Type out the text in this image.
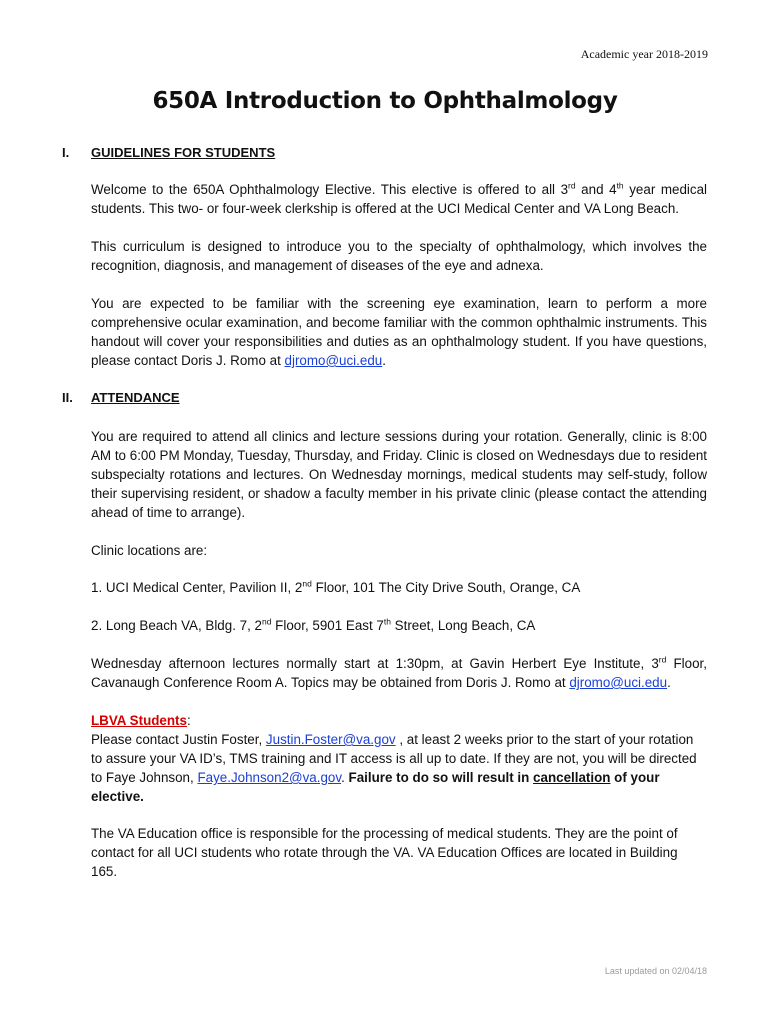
Academic year 2018-2019
650A Introduction to Ophthalmology
I. GUIDELINES FOR STUDENTS

Welcome to the 650A Ophthalmology Elective. This elective is offered to all 3rd and 4th year medical students. This two- or four-week clerkship is offered at the UCI Medical Center and VA Long Beach.

This curriculum is designed to introduce you to the specialty of ophthalmology, which involves the recognition, diagnosis, and management of diseases of the eye and adnexa.

You are expected to be familiar with the screening eye examination, learn to perform a more comprehensive ocular examination, and become familiar with the common ophthalmic instruments. This handout will cover your responsibilities and duties as an ophthalmology student. If you have questions, please contact Doris J. Romo at djromo@uci.edu.

II. ATTENDANCE

You are required to attend all clinics and lecture sessions during your rotation. Generally, clinic is 8:00 AM to 6:00 PM Monday, Tuesday, Thursday, and Friday. Clinic is closed on Wednesdays due to resident subspecialty rotations and lectures. On Wednesday mornings, medical students may self-study, follow their supervising resident, or shadow a faculty member in his private clinic (please contact the attending ahead of time to arrange).

Clinic locations are:

1. UCI Medical Center, Pavilion II, 2nd Floor, 101 The City Drive South, Orange, CA

2. Long Beach VA, Bldg. 7, 2nd Floor, 5901 East 7th Street, Long Beach, CA

Wednesday afternoon lectures normally start at 1:30pm, at Gavin Herbert Eye Institute, 3rd Floor, Cavanaugh Conference Room A. Topics may be obtained from Doris J. Romo at djromo@uci.edu.

LBVA Students:
Please contact Justin Foster, Justin.Foster@va.gov , at least 2 weeks prior to the start of your rotation to assure your VA ID’s, TMS training and IT access is all up to date. If they are not, you will be directed to Faye Johnson, Faye.Johnson2@va.gov. Failure to do so will result in cancellation of your elective.

The VA Education office is responsible for the processing of medical students. They are the point of contact for all UCI students who rotate through the VA. VA Education Offices are located in Building 165.

Last updated on 02/04/18
